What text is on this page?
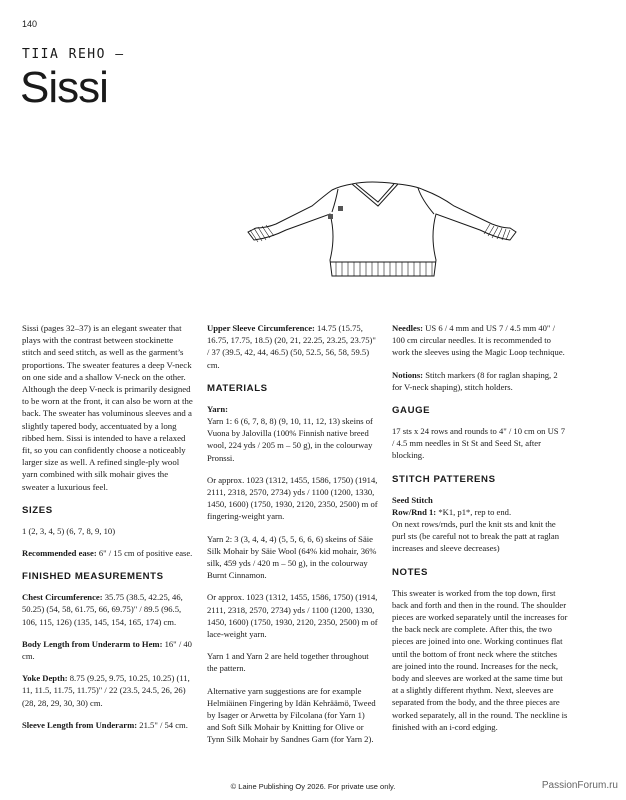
140
TIIA REHO —
Sissi

Sissi (pages 32–37) is an elegant sweater that plays with the contrast between stockinette stitch and seed stitch, as well as the garment’s proportions. The sweater features a deep V-neck on one side and a shallow V-neck on the other. Although the deep V-neck is primarily designed to be worn at the front, it can also be worn at the back. The sweater has voluminous sleeves and a slightly tapered body, accentuated by a long ribbed hem. Sissi is intended to have a relaxed fit, so you can confidently choose a noticeably larger size as well. A refined single-ply wool yarn combined with silk mohair gives the sweater a luxurious feel.

SIZES

1 (2, 3, 4, 5) (6, 7, 8, 9, 10)

Recommended ease: 6" / 15 cm of positive ease.

FINISHED MEASUREMENTS

Chest Circumference: 35.75 (38.5, 42.25, 46, 50.25) (54, 58, 61.75, 66, 69.75)" / 89.5 (96.5, 106, 115, 126) (135, 145, 154, 165, 174) cm.

Body Length from Underarm to Hem: 16" / 40 cm.

Yoke Depth: 8.75 (9.25, 9.75, 10.25, 10.25) (11, 11, 11.5, 11.75, 11.75)" / 22 (23.5, 24.5, 26, 26) (28, 28, 29, 30, 30) cm.

Sleeve Length from Underarm: 21.5" / 54 cm.

Upper Sleeve Circumference: 14.75 (15.75, 16.75, 17.75, 18.5) (20, 21, 22.25, 23.25, 23.75)" / 37 (39.5, 42, 44, 46.5) (50, 52.5, 56, 58, 59.5) cm.

MATERIALS

Yarn:

Yarn 1: 6 (6, 7, 8, 8) (9, 10, 11, 12, 13) skeins of Vuona by Jalovilla (100% Finnish native breed wool, 224 yds / 205 m – 50 g), in the colourway Pronssi.

Or approx. 1023 (1312, 1455, 1586, 1750) (1914, 2111, 2318, 2570, 2734) yds / 1100 (1200, 1330, 1450, 1600) (1750, 1930, 2120, 2350, 2500) m of fingering-weight yarn.

Yarn 2: 3 (3, 4, 4, 4) (5, 5, 6, 6, 6) skeins of Säie Silk Mohair by Säie Wool (64% kid mohair, 36% silk, 459 yds / 420 m – 50 g), in the colourway Burnt Cinnamon.

Or approx. 1023 (1312, 1455, 1586, 1750) (1914, 2111, 2318, 2570, 2734) yds / 1100 (1200, 1330, 1450, 1600) (1750, 1930, 2120, 2350, 2500) m of lace-weight yarn.

Yarn 1 and Yarn 2 are held together throughout the pattern.

Alternative yarn suggestions are for example Helmiäinen Fingering by Idän Kehräämö, Tweed by Isager or Arwetta by Filcolana (for Yarn 1) and Soft Silk Mohair by Knitting for Olive or Tynn Silk Mohair by Sandnes Garn (for Yarn 2).

Needles: US 6 / 4 mm and US 7 / 4.5 mm 40" / 100 cm circular needles. It is recommended to work the sleeves using the Magic Loop technique.

Notions: Stitch markers (8 for raglan shaping, 2 for V-neck shaping), stitch holders.

GAUGE

17 sts x 24 rows and rounds to 4" / 10 cm on US 7 / 4.5 mm needles in St St and Seed St, after blocking.

STITCH PATTERENS

Seed Stitch

Row/Rnd 1: *K1, p1*, rep to end.

On next rows/rnds, purl the knit sts and knit the purl sts (be careful not to break the patt at raglan increases and sleeve decreases)

NOTES

This sweater is worked from the top down, first back and forth and then in the round. The shoulder pieces are worked separately until the increases for the back neck are complete. After this, the two pieces are joined into one. Working continues flat until the bottom of front neck where the stitches are joined into the round. Increases for the neck, body and sleeves are worked at the same time but at a slightly different rhythm. Next, sleeves are separated from the body, and the three pieces are worked separately, all in the round. The neckline is finished with an i-cord edging.

© Laine Publishing Oy 2026. For private use only.	PassionForum.ru
